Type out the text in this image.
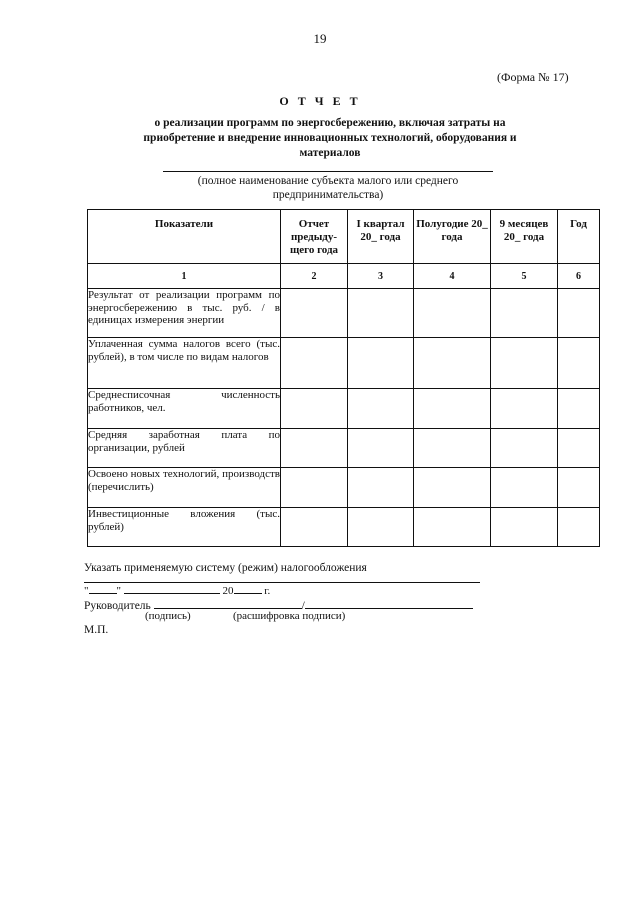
19
(Форма № 17)
О Т Ч Е Т
о реализации программ по энергосбережению, включая затраты на приобретение и внедрение инновационных технологий, оборудования и материалов
(полное наименование субъекта малого или среднего предпринимательства)
Показатели	Отчет предыду-щего года	I квартал 20_ года	Полугодие 20_ года	9 месяцев 20_ года	Год
1	2	3	4	5	6
Результат от реализации программ по энергосбережению в тыс. руб. / в единицах измерения энергии					
Уплаченная сумма налогов всего (тыс. рублей), в том числе по видам налогов					
Среднесписочная численность работников, чел.					
Средняя заработная плата по организации, рублей					
Освоено новых технологий, производств (перечислить)					
Инвестиционные вложения (тыс. рублей)					
Указать применяемую систему (режим) налогообложения
"	"	20	г.
Руководитель	/
(подпись)	(расшифровка подписи)
М.П.
